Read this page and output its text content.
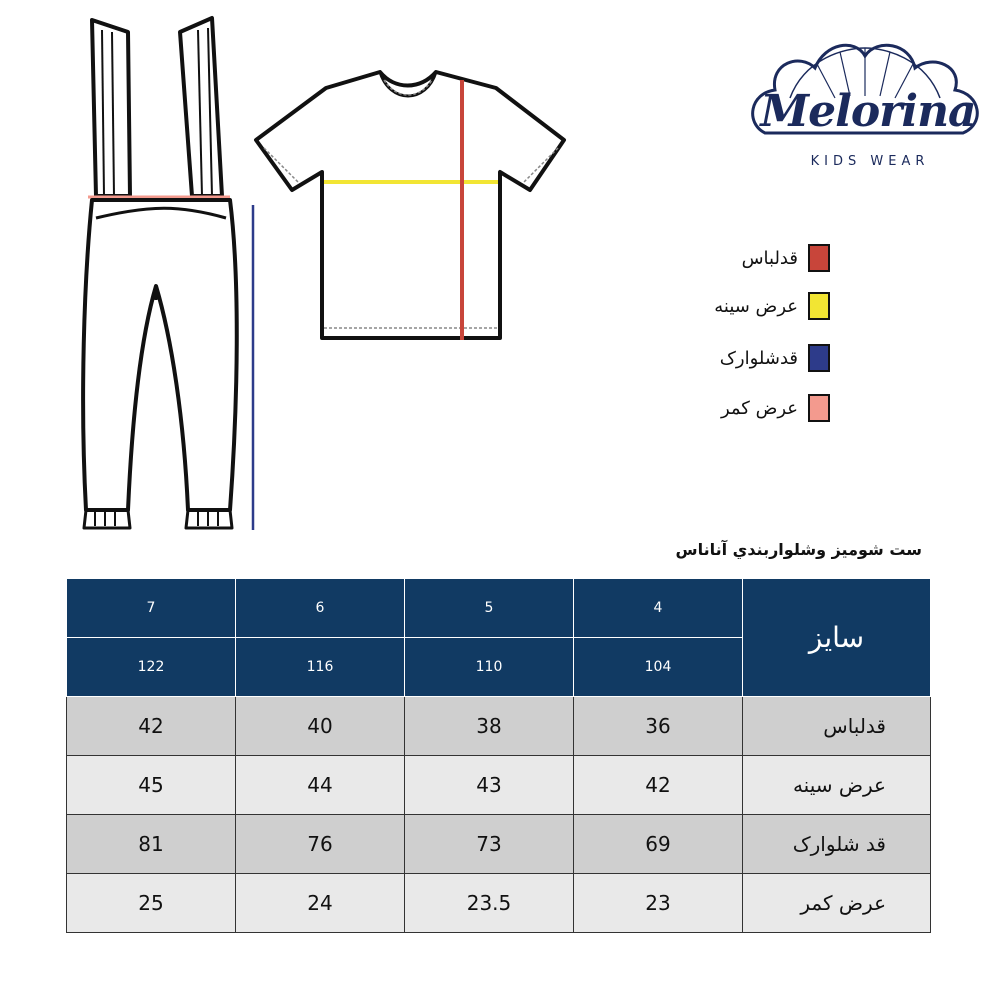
Melorina
KIDS WEAR
قدلباس
عرض سینه
قدشلوارک
عرض کمر
ست شوميز وشلواربندي آناناس
7	6	5	4	سایز
122	116	110	104	
42	40	38	36	قدلباس
45	44	43	42	عرض سینه
81	76	73	69	قد شلوارک
25	24	23.5	23	عرض کمر
